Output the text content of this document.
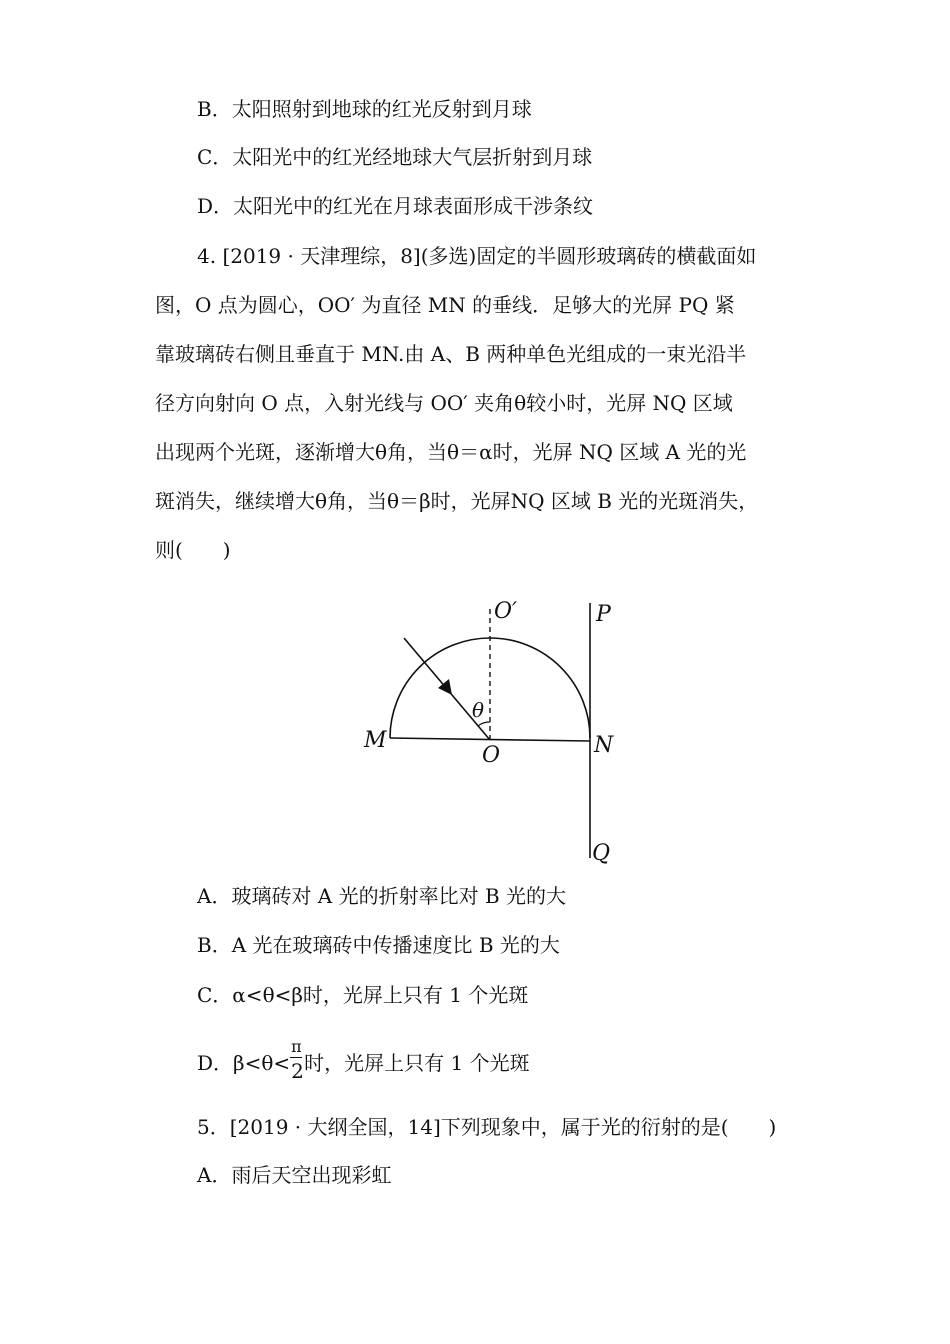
B．太阳照射到地球的红光反射到月球
C．太阳光中的红光经地球大气层折射到月球
D．太阳光中的红光在月球表面形成干涉条纹
4. [2019 · 天津理综，8](多选)固定的半圆形玻璃砖的横截面如
图，O 点为圆心，OO′ 为直径 MN 的垂线．足够大的光屏 PQ 紧
靠玻璃砖右侧且垂直于 MN.由 A、B 两种单色光组成的一束光沿半
径方向射向 O 点，入射光线与 OO′ 夹角θ较小时，光屏 NQ 区域
出现两个光斑，逐渐增大θ角，当θ＝α时，光屏 NQ 区域 A 光的光
斑消失，继续增大θ角，当θ＝β时，光屏NQ 区域 B 光的光斑消失，
则(　　)
O′	P
θ
M
O	N
Q
A．玻璃砖对 A 光的折射率比对 B 光的大
B．A 光在玻璃砖中传播速度比 B 光的大
C．α<θ<β时，光屏上只有 1 个光斑
D．$\beta<\theta< \frac{\pi}{2}$ 时，光屏上只有 1 个光斑
5．[2019 · 大纲全国，14]下列现象中，属于光的衍射的是(　　)
A．雨后天空出现彩虹
